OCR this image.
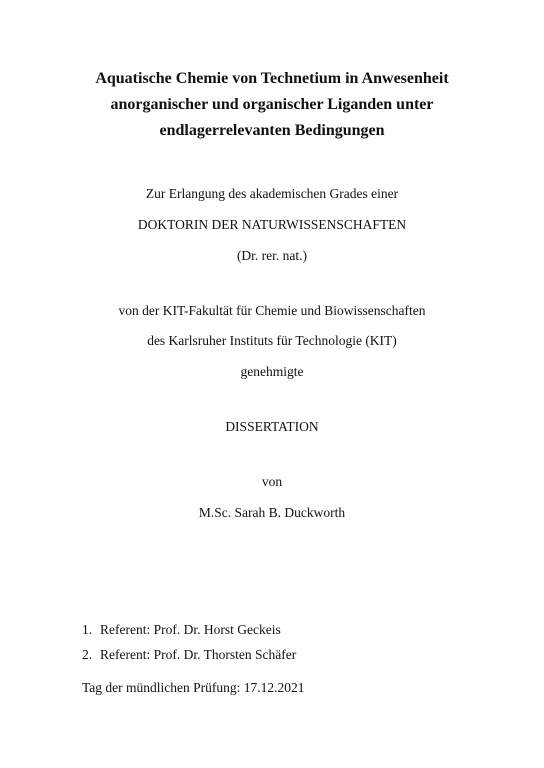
Aquatische Chemie von Technetium in Anwesenheit
anorganischer und organischer Liganden unter
endlagerrelevanten Bedingungen
Zur Erlangung des akademischen Grades einer
DOKTORIN DER NATURWISSENSCHAFTEN
(Dr. rer. nat.)
von der KIT-Fakultät für Chemie und Biowissenschaften
des Karlsruher Instituts für Technologie (KIT)
genehmigte
DISSERTATION
von
M.Sc. Sarah B. Duckworth
1. Referent: Prof. Dr. Horst Geckeis
2. Referent: Prof. Dr. Thorsten Schäfer
Tag der mündlichen Prüfung: 17.12.2021
